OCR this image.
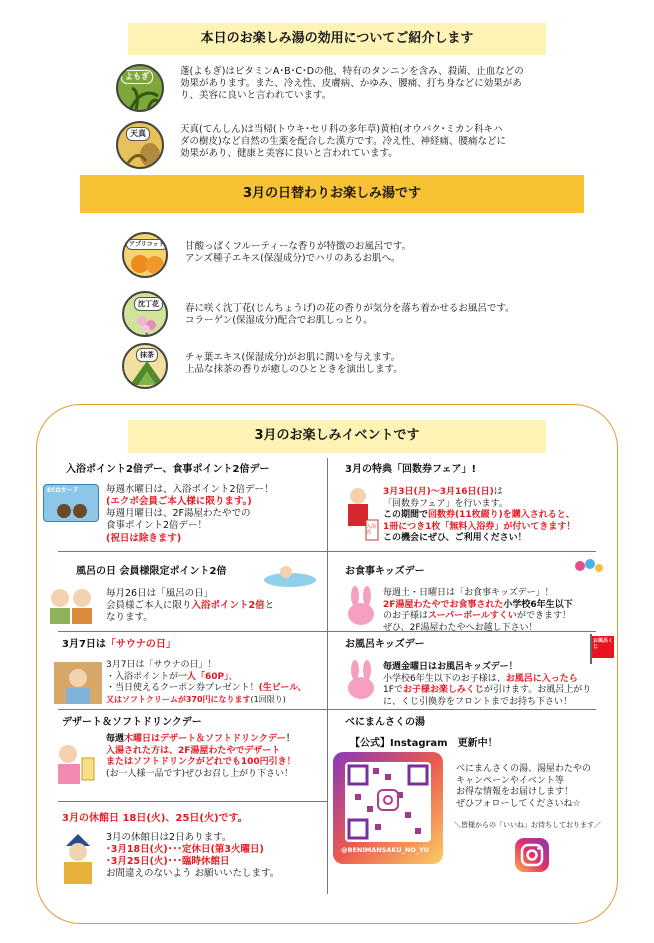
本日のお楽しみ湯の効用についてご紹介します
よもぎ	蓬(よもぎ)はビタミンA･B･C･Dの他、特有のタンニンを含み、殺菌、止血などの
効果があります。また、冷え性、皮膚病、かゆみ、腰痛、打ち身などに効果があ
り、美容に良いと言われています。
天真	天真(てんしん)は当帰(トウキ･セリ科の多年草)黄柏(オウバク･ミカン科キハ
ダの樹皮)など自然の生薬を配合した漢方です。冷え性、神経痛、腰痛などに
効果があり、健康と美容に良いと言われています。
3月の日替わりお楽しみ湯です
アプリコット	甘酸っぱくフルーティーな香りが特徴のお風呂です。
アンズ種子エキス(保湿成分)でハリのあるお肌へ。
沈丁花	春に咲く沈丁花(じんちょうげ)の花の香りが気分を落ち着かせるお風呂です。
コラーゲン(保湿成分)配合でお肌しっとり。
抹茶	チャ葉エキス(保湿成分)がお肌に潤いを与えます。
上品な抹茶の香りが癒しのひとときを演出します。
3月のお楽しみイベントです
入浴ポイント2倍デー、食事ポイント2倍デー
ECOカード	毎週水曜日は、入浴ポイント2倍デー！
(エクボ会員ご本人様に限ります。)
毎週月曜日は、2F湯屋わたやでの
食事ポイント2倍デー！
(祝日は除きます)
3月の特典「回数券フェア」!
入浴券
3月3日(月)～3月16日(日)は
「回数券フェア」を行います。
この期間で回数券(11枚綴り)を購入されると、
1冊につき1枚「無料入浴券」が付いてきます！
この機会にぜひ、ご利用ください！
風呂の日 会員様限定ポイント2倍
毎月26日は「風呂の日」
会員様ご本人に限り入浴ポイント2倍と
なります。
お食事キッズデー
毎週土・日曜日は「お食事キッズデー」！
2F湯屋わたやでお食事された小学校6年生以下
のお子様はスーパーボールすくいができます！
ぜひ、2F湯屋わたやへお越し下さい！
3月7日は「サウナの日」
3月7日は「サウナの日」！
・入浴ポイントが一人「60P」、
・当日使えるクーポン券プレゼント！(生ビール、
又はソフトクリームが370円になります(1回限り)
お風呂キッズデー	お風呂くじ
毎週金曜日はお風呂キッズデー！
小学校6年生以下のお子様は、お風呂に入ったら
1Fでお子様お楽しみくじが引けます。お風呂上がり
に、くじ引換券をフロントまでお持ち下さい！
デザート＆ソフトドリンクデー
毎週木曜日はデザート＆ソフトドリンクデー！
入湯された方は、2F湯屋わたやでデザート
またはソフトドリンクがどれでも100円引き！
(お一人様一品です)ぜひお召し上がり下さい！
べにまんさくの湯
【公式】Instagram　更新中！
@BENIMANSAKU_NO_YU
べにまんさくの湯、湯屋わたやの
キャンペーンやイベント等
お得な情報をお届けします！
ぜひフォローしてくださいね☆
＼皆様からの「いいね」お待ちしております／
3月の休館日 18日(火)、25日(火)です。
3月の休館日は2日あります。
･3月18日(火)･･･定休日(第3火曜日)
･3月25日(火)･･･臨時休館日
お間違えのないよう お願いいたします。
